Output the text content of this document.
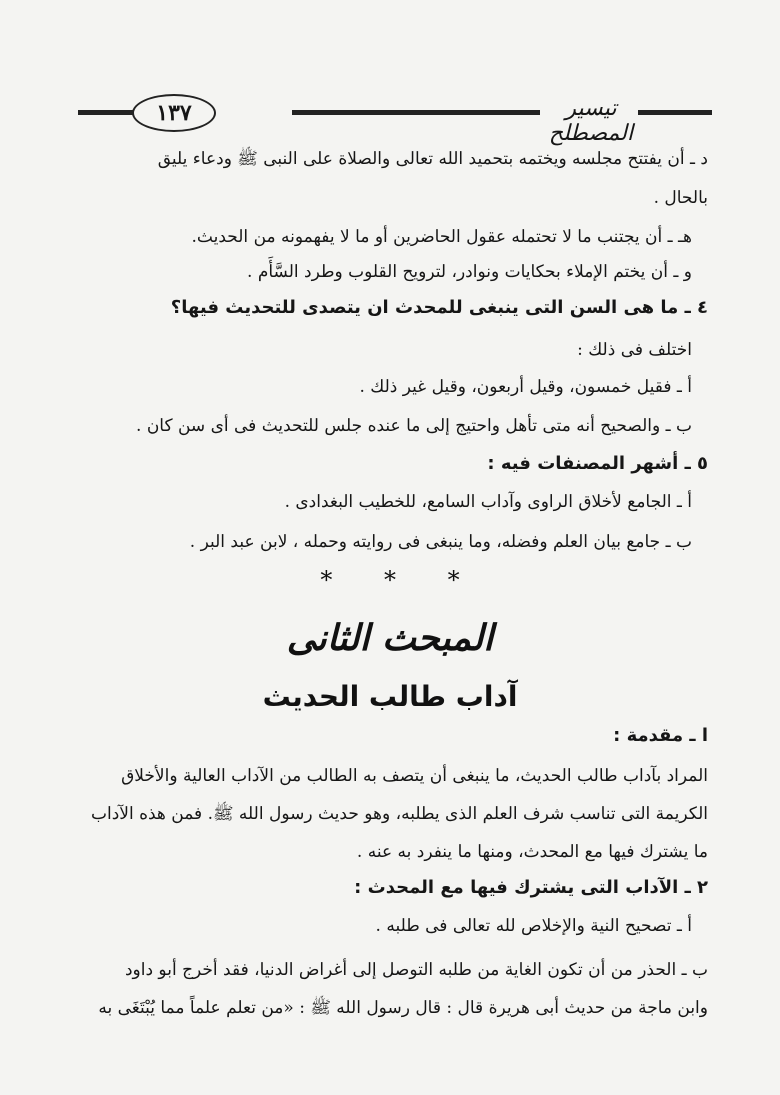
١٣٧	تيسير المصطلح
د ـ أن يفتتح مجلسه ويختمه بتحميد الله تعالى والصلاة على النبى ﷺ ودعاء يليق
بالحال .
هـ ـ أن يجتنب ما لا تحتمله عقول الحاضرين أو ما لا يفهمونه من الحديث.
و ـ أن يختم الإملاء بحكايات ونوادر، لترويح القلوب وطرد السَّأَم .
٤ ـ ما هى السن التى ينبغى للمحدث ان يتصدى للتحديث فيها؟
اختلف فى ذلك :
أ ـ فقيل خمسون، وقيل أربعون، وقيل غير ذلك .
ب ـ والصحيح أنه متى تأهل واحتيج إلى ما عنده جلس للتحديث فى أى سن كان .
٥ ـ أشهر المصنفات فيه :
أ ـ الجامع لأخلاق الراوى وآداب السامع، للخطيب البغدادى .
ب ـ جامع بيان العلم وفضله، وما ينبغى فى روايته وحمله ، لابن عبد البر .
* * *
المبحث الثانى
آداب طالب الحديث
ا ـ مقدمة :
المراد بآداب طالب الحديث، ما ينبغى أن يتصف به الطالب من الآداب العالية والأخلاق
الكريمة التى تناسب شرف العلم الذى يطلبه، وهو حديث رسول الله ﷺ. فمن هذه الآداب
ما يشترك فيها مع المحدث، ومنها ما ينفرد به عنه .
٢ ـ الآداب التى يشترك فيها مع المحدث :
أ ـ تصحيح النية والإخلاص لله تعالى فى طلبه .
ب ـ الحذر من أن تكون الغاية من طلبه التوصل إلى أغراض الدنيا، فقد أخرج أبو داود
وابن ماجة من حديث أبى هريرة قال : قال رسول الله ﷺ : «من تعلم علماً مما يُبْتَغَى به
